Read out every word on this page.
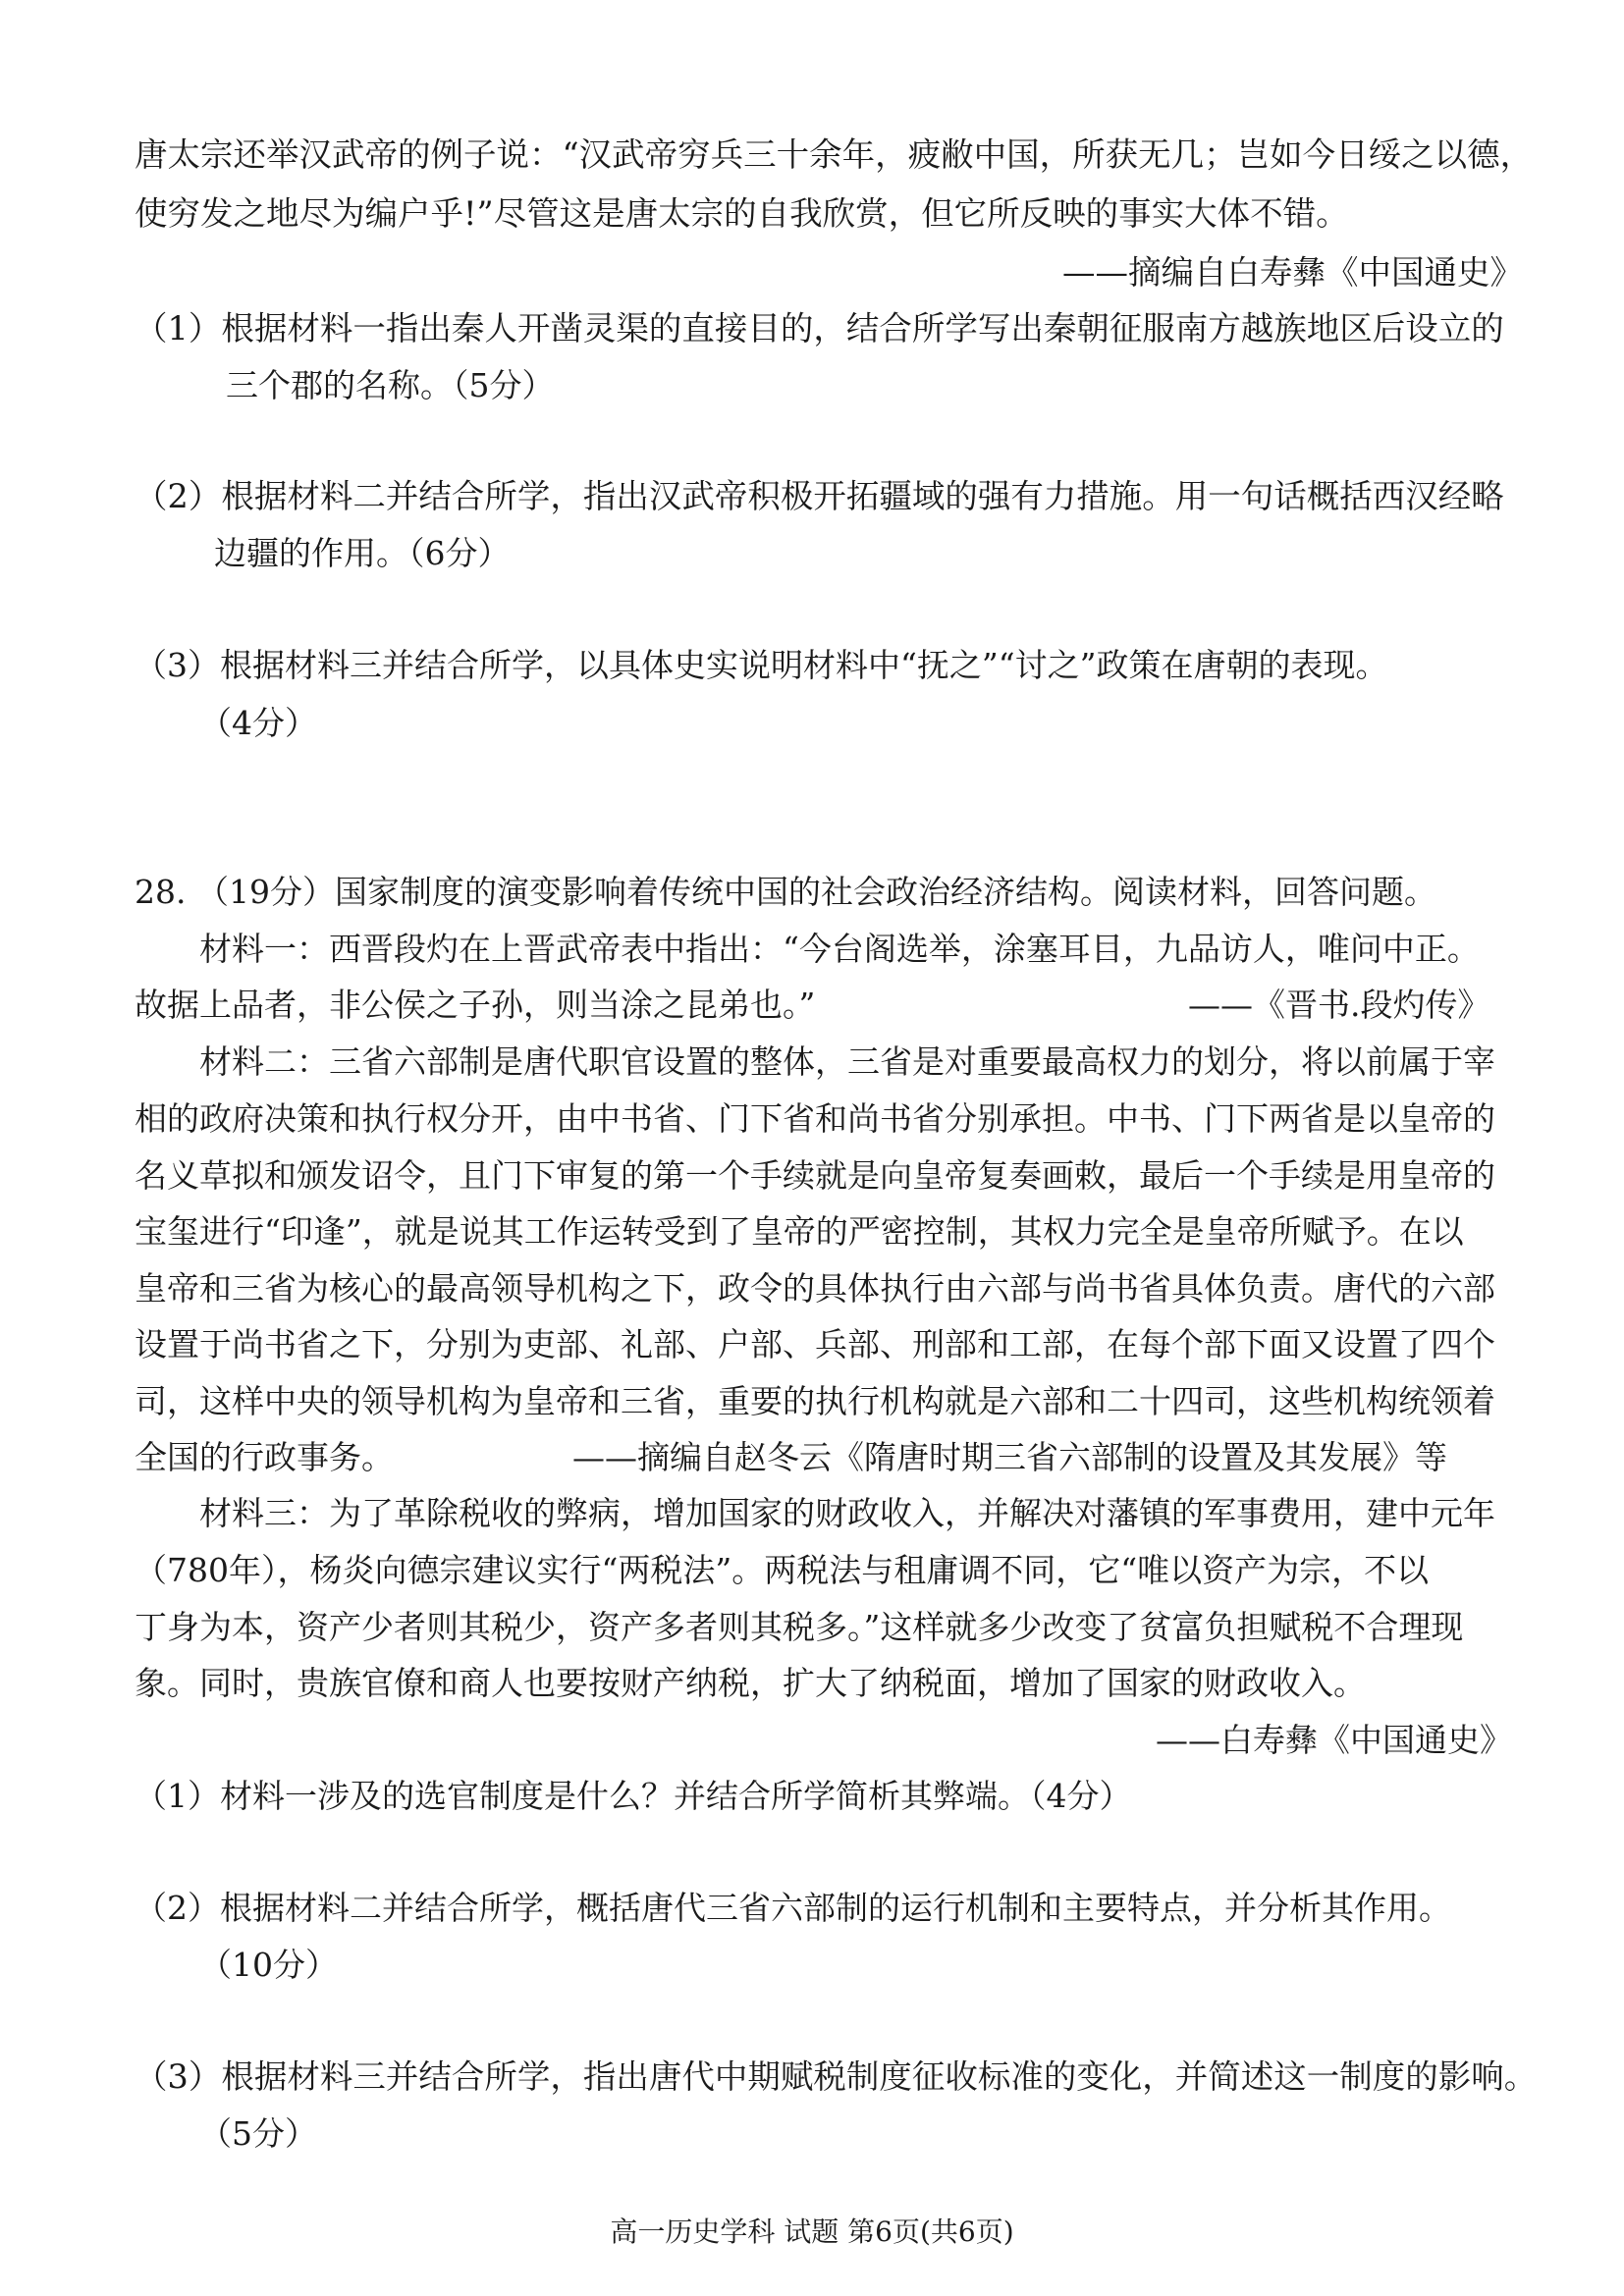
唐太宗还举汉武帝的例子说：“汉武帝穷兵三十余年，疲敝中国，所获无几；岂如今日绥之以德，
使穷发之地尽为编户乎!”尽管这是唐太宗的自我欣赏，但它所反映的事实大体不错。
——摘编自白寿彝《中国通史》
（1）根据材料一指出秦人开凿灵渠的直接目的，结合所学写出秦朝征服南方越族地区后设立的
三个郡的名称。（5分）
（2）根据材料二并结合所学，指出汉武帝积极开拓疆域的强有力措施。用一句话概括西汉经略
边疆的作用。（6分）
（3）根据材料三并结合所学，以具体史实说明材料中“抚之”“讨之”政策在唐朝的表现。
（4分）
28. （19分）国家制度的演变影响着传统中国的社会政治经济结构。阅读材料，回答问题。
材料一：西晋段灼在上晋武帝表中指出：“今台阁选举，涂塞耳目，九品访人，唯问中正。
故据上品者，非公侯之子孙，则当涂之昆弟也。”	——《晋书.段灼传》
材料二：三省六部制是唐代职官设置的整体，三省是对重要最高权力的划分，将以前属于宰
相的政府决策和执行权分开，由中书省、门下省和尚书省分别承担。中书、门下两省是以皇帝的
名义草拟和颁发诏令，且门下审复的第一个手续就是向皇帝复奏画敕，最后一个手续是用皇帝的
宝玺进行“印逢”，就是说其工作运转受到了皇帝的严密控制，其权力完全是皇帝所赋予。在以
皇帝和三省为核心的最高领导机构之下，政令的具体执行由六部与尚书省具体负责。唐代的六部
设置于尚书省之下，分别为吏部、礼部、户部、兵部、刑部和工部，在每个部下面又设置了四个
司，这样中央的领导机构为皇帝和三省，重要的执行机构就是六部和二十四司，这些机构统领着
全国的行政事务。	——摘编自赵冬云《隋唐时期三省六部制的设置及其发展》等
材料三：为了革除税收的弊病，增加国家的财政收入，并解决对藩镇的军事费用，建中元年
（780年），杨炎向德宗建议实行“两税法”。两税法与租庸调不同，它“唯以资产为宗，不以
丁身为本，资产少者则其税少，资产多者则其税多。”这样就多少改变了贫富负担赋税不合理现
象。同时，贵族官僚和商人也要按财产纳税，扩大了纳税面，增加了国家的财政收入。
——白寿彝《中国通史》
（1）材料一涉及的选官制度是什么？并结合所学简析其弊端。（4分）
（2）根据材料二并结合所学，概括唐代三省六部制的运行机制和主要特点，并分析其作用。
（10分）
（3）根据材料三并结合所学，指出唐代中期赋税制度征收标准的变化，并简述这一制度的影响。
（5分）
高一历史学科 试题 第6页(共6页)
